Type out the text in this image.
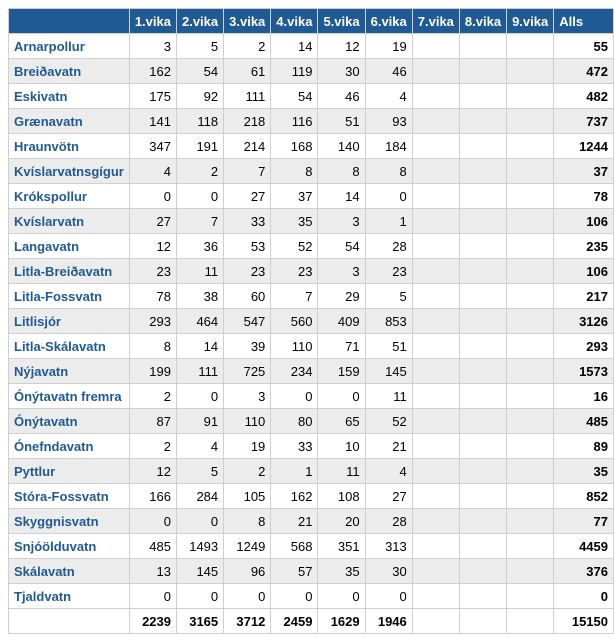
	1.vika	2.vika	3.vika	4.vika	5.vika	6.vika	7.vika	8.vika	9.vika	Alls
Arnarpollur	3	5	2	14	12	19				55
Breiðavatn	162	54	61	119	30	46				472
Eskivatn	175	92	111	54	46	4				482
Grænavatn	141	118	218	116	51	93				737
Hraunvötn	347	191	214	168	140	184				1244
Kvíslarvatnsgígur	4	2	7	8	8	8				37
Krókspollur	0	0	27	37	14	0				78
Kvíslarvatn	27	7	33	35	3	1				106
Langavatn	12	36	53	52	54	28				235
Litla-Breiðavatn	23	11	23	23	3	23				106
Litla-Fossvatn	78	38	60	7	29	5				217
Litlisjór	293	464	547	560	409	853				3126
Litla-Skálavatn	8	14	39	110	71	51				293
Nýjavatn	199	111	725	234	159	145				1573
Ónýtavatn fremra	2	0	3	0	0	11				16
Ónýtavatn	87	91	110	80	65	52				485
Ónefndavatn	2	4	19	33	10	21				89
Pyttlur	12	5	2	1	11	4				35
Stóra-Fossvatn	166	284	105	162	108	27				852
Skyggnisvatn	0	0	8	21	20	28				77
Snjóölduvatn	485	1493	1249	568	351	313				4459
Skálavatn	13	145	96	57	35	30				376
Tjaldvatn	0	0	0	0	0	0				0
	2239	3165	3712	2459	1629	1946				15150
